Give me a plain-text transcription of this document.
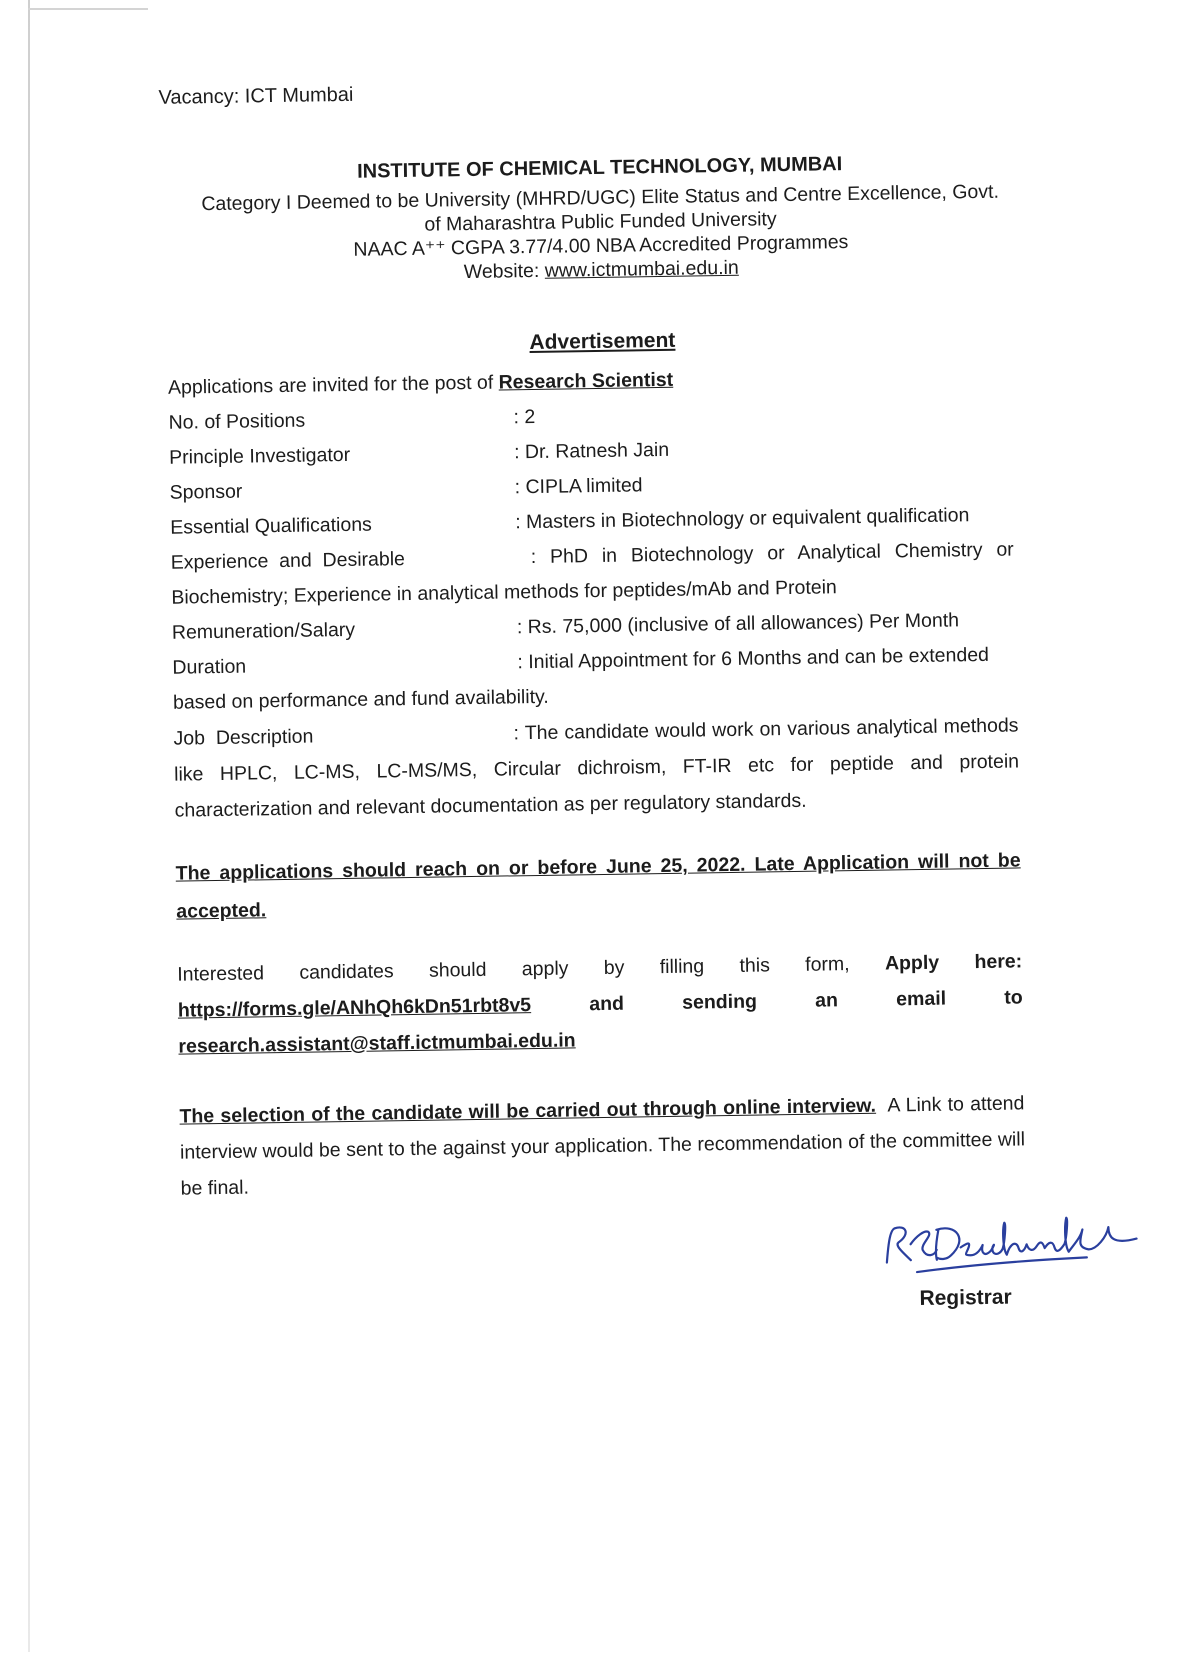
Vacancy: ICT Mumbai
INSTITUTE OF CHEMICAL TECHNOLOGY, MUMBAI
Category I Deemed to be University (MHRD/UGC) Elite Status and Centre Excellence, Govt.
of Maharashtra Public Funded University
NAAC A⁺⁺ CGPA 3.77/4.00 NBA Accredited Programmes
Website: www.ictmumbai.edu.in
Advertisement
Applications are invited for the post of Research Scientist
No. of Positions	: 2
Principle Investigator	: Dr. Ratnesh Jain
Sponsor	: CIPLA limited
Essential Qualifications	: Masters in Biotechnology or equivalent qualification
Experience  and  Desirable	: PhD in Biotechnology or Analytical Chemistry or
Biochemistry; Experience in analytical methods for peptides/mAb and Protein
Remuneration/Salary	: Rs. 75,000 (inclusive of all allowances) Per Month
Duration	: Initial Appointment for 6 Months and can be extended
based on performance and fund availability.
Job  Description	: The candidate would work on various analytical methods like HPLC, LC-MS, LC-MS/MS, Circular dichroism, FT-IR etc for peptide and protein characterization and relevant documentation as per regulatory standards.
The applications should reach on or before June 25, 2022. Late Application will not be accepted.
Interested candidates should apply by filling this form, Apply here: https://forms.gle/ANhQh6kDn51rbt8v5 and sending an email to research.assistant@staff.ictmumbai.edu.in
The selection of the candidate will be carried out through online interview.  A Link to attend interview would be sent to the against your application. The recommendation of the committee will be final.
Registrar
